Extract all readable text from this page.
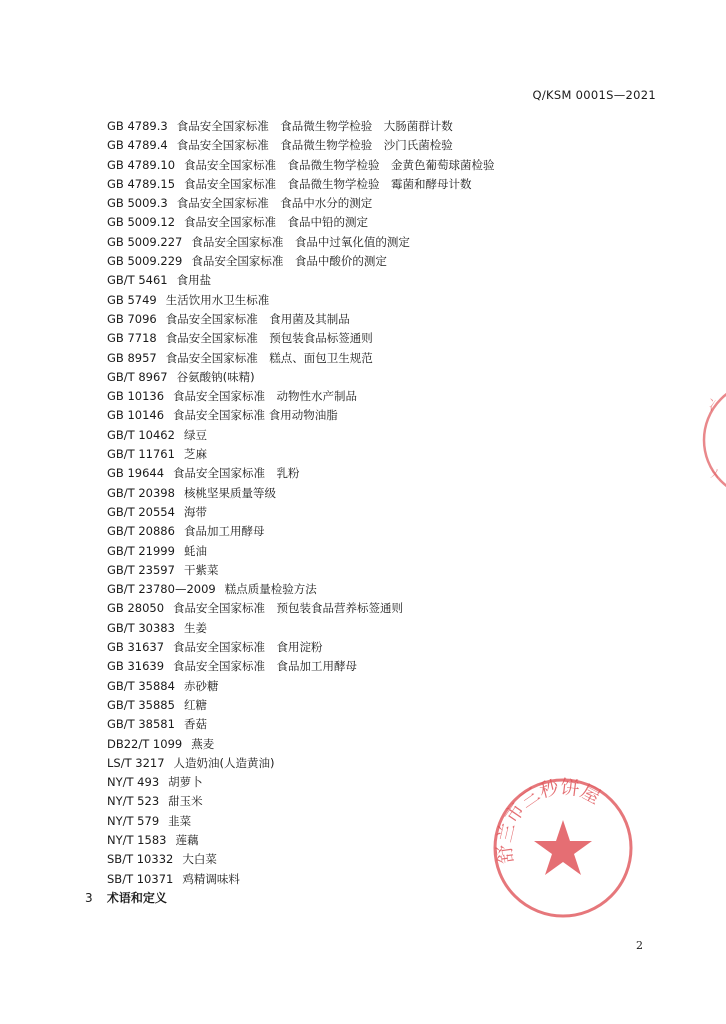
Q/KSM 0001S—2021
GB 4789.3 食品安全国家标准　食品微生物学检验　大肠菌群计数
GB 4789.4 食品安全国家标准　食品微生物学检验　沙门氏菌检验
GB 4789.10 食品安全国家标准　食品微生物学检验　金黄色葡萄球菌检验
GB 4789.15 食品安全国家标准　食品微生物学检验　霉菌和酵母计数
GB 5009.3 食品安全国家标准　食品中水分的测定
GB 5009.12 食品安全国家标准　食品中铅的测定
GB 5009.227 食品安全国家标准　食品中过氧化值的测定
GB 5009.229 食品安全国家标准　食品中酸价的测定
GB/T 5461 食用盐
GB 5749 生活饮用水卫生标准
GB 7096 食品安全国家标准　食用菌及其制品
GB 7718 食品安全国家标准　预包装食品标签通则
GB 8957 食品安全国家标准　糕点、面包卫生规范
GB/T 8967 谷氨酸钠(味精)
GB 10136 食品安全国家标准　动物性水产制品
GB 10146 食品安全国家标准 食用动物油脂
GB/T 10462 绿豆
GB/T 11761 芝麻
GB 19644 食品安全国家标准　乳粉
GB/T 20398 核桃坚果质量等级
GB/T 20554 海带
GB/T 20886 食品加工用酵母
GB/T 21999 蚝油
GB/T 23597 干紫菜
GB/T 23780—2009 糕点质量检验方法
GB 28050 食品安全国家标准　预包装食品营养标签通则
GB/T 30383 生姜
GB 31637 食品安全国家标准　食用淀粉
GB 31639 食品安全国家标准　食品加工用酵母
GB/T 35884 赤砂糖
GB/T 35885 红糖
GB/T 38581 香菇
DB22/T 1099 燕麦
LS/T 3217 人造奶油(人造黄油)
NY/T 493 胡萝卜
NY/T 523 甜玉米
NY/T 579 韭菜
NY/T 1583 莲藕
SB/T 10332 大白菜
SB/T 10371 鸡精调味料
3 术语和定义
2
舒兰市三秒饼屋
冫
ㄨ
